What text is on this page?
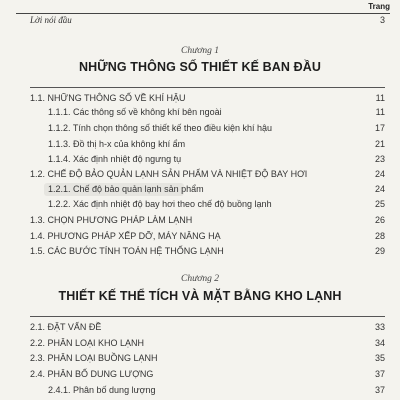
Trang
Lời nói đầu	3
Chương 1
NHỮNG THÔNG SỐ THIẾT KẾ BAN ĐẦU
1.1. NHỮNG THÔNG SỐ VỀ KHÍ HẬU	11
1.1.1. Các thông số về không khí bên ngoài	11
1.1.2. Tính chọn thông số thiết kế theo điều kiện khí hậu	17
1.1.3. Đồ thị h-x của không khí ẩm	21
1.1.4. Xác định nhiệt độ ngưng tụ	23
1.2. CHẾ ĐỘ BẢO QUẢN LẠNH SẢN PHẨM VÀ NHIỆT ĐỘ BAY HƠI	24
1.2.1. Chế độ bảo quản lạnh sản phẩm	24
1.2.2. Xác định nhiệt độ bay hơi theo chế độ buồng lạnh	25
1.3. CHỌN PHƯƠNG PHÁP LÀM LẠNH	26
1.4. PHƯƠNG PHÁP XẾP DỠ, MÁY NÂNG HẠ	28
1.5. CÁC BƯỚC TÍNH TOÁN HỆ THỐNG LẠNH	29
Chương 2
THIẾT KẾ THỂ TÍCH VÀ MẶT BẰNG KHO LẠNH
2.1. ĐẶT VẤN ĐỀ	33
2.2. PHÂN LOẠI KHO LẠNH	34
2.3. PHÂN LOẠI BUỒNG LẠNH	35
2.4. PHÂN BỐ DUNG LƯỢNG	37
2.4.1. Phân bố dung lượng	37
